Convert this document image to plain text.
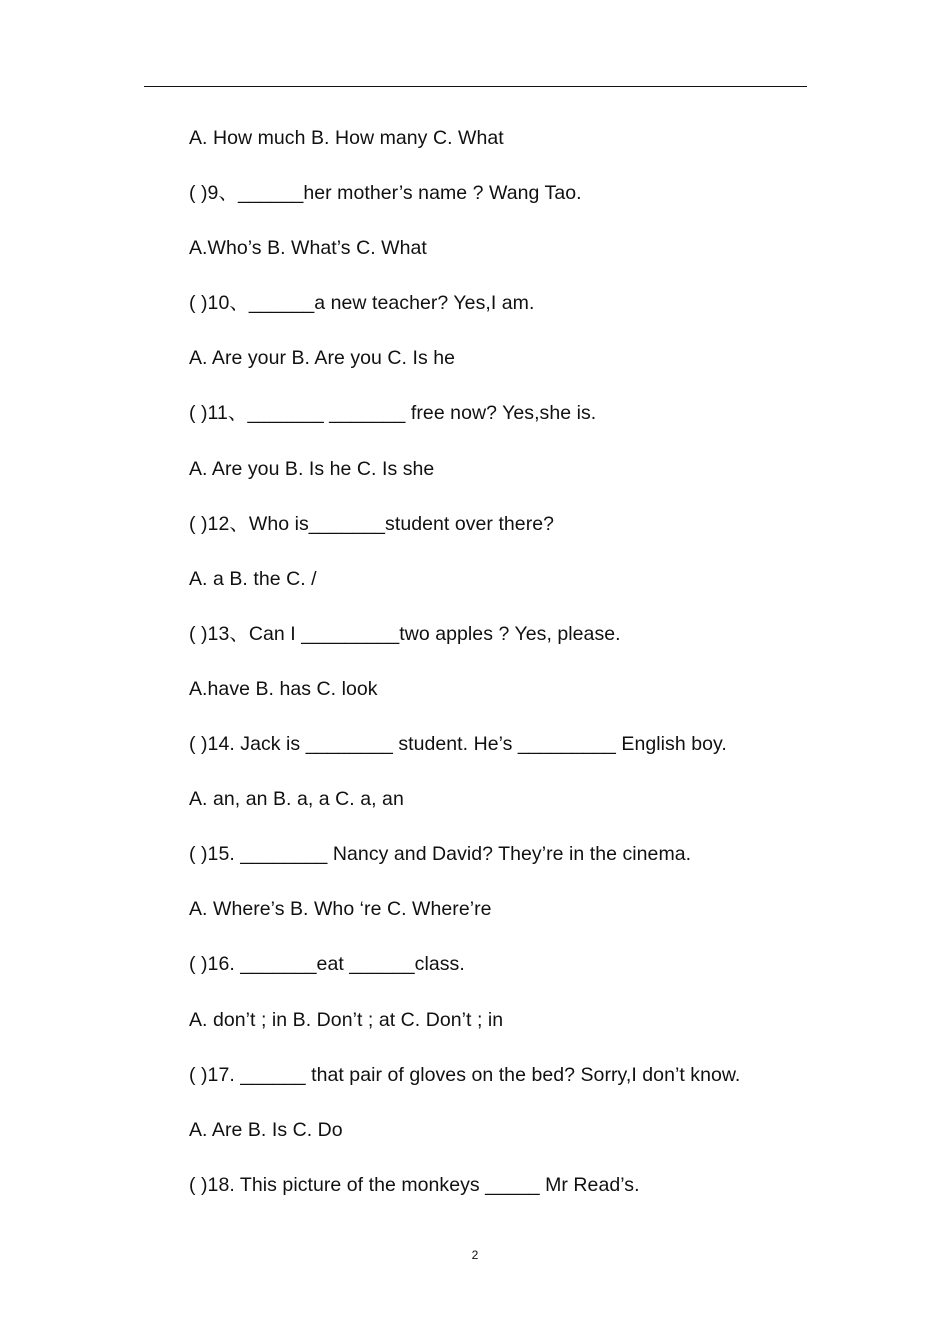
A. How much B. How many C. What
( )9、______her mother’s name ? Wang Tao.
A.Who’s B. What’s C. What
( )10、______a new teacher? Yes,I am.
A. Are your B. Are you C. Is he
( )11、_______ _______ free now? Yes,she is.
A. Are you B. Is he C. Is she
( )12、Who is_______student over there?
A. a B. the C. /
( )13、Can I _________two apples ? Yes, please.
A.have B. has C. look
( )14. Jack is ________ student. He’s _________ English boy.
A. an, an B. a, a C. a, an
( )15. ________ Nancy and David? They’re in the cinema.
A. Where’s B. Who ‘re C. Where’re
( )16. _______eat ______class.
A. don’t ; in B. Don’t ; at C. Don’t ; in
( )17. ______ that pair of gloves on the bed? Sorry,I don’t know.
A. Are B. Is C. Do
( )18. This picture of the monkeys _____ Mr Read’s.
2
